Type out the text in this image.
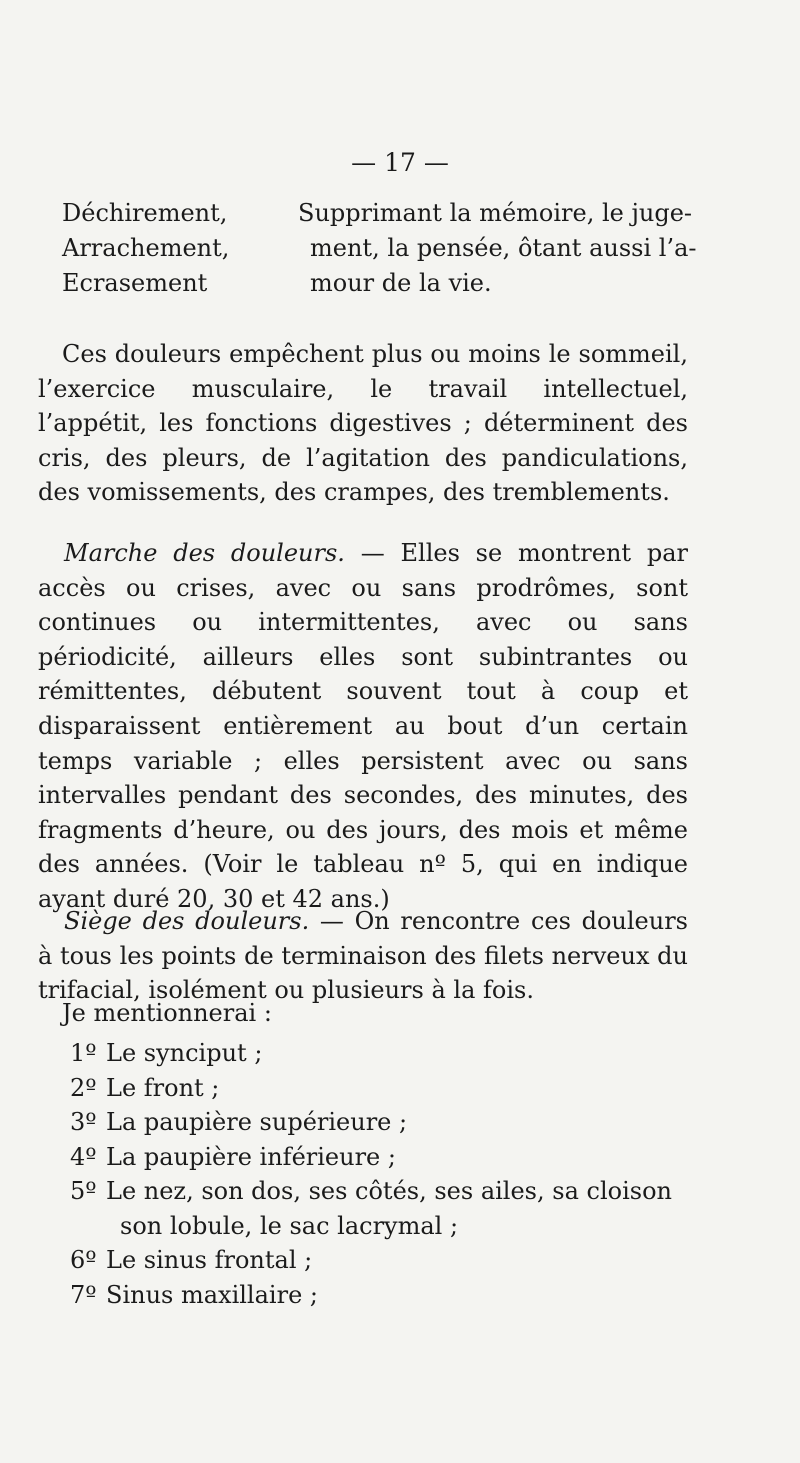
— 17 —
Déchirement,
Arrachement,
Ecrasement
Supprimant la mémoire, le juge-
ment, la pensée, ôtant aussi l’a-
mour de la vie.

Ces douleurs empêchent plus ou moins le sommeil, l’exercice musculaire, le travail intellectuel, l’appétit, les fonctions digestives ; déterminent des cris, des pleurs, de l’agitation des pandiculations, des vomissements, des crampes, des tremblements.

Marche des douleurs. — Elles se montrent par accès ou crises, avec ou sans prodrômes, sont continues ou intermittentes, avec ou sans périodicité, ailleurs elles sont subintrantes ou rémittentes, débutent souvent tout à coup et disparaissent entièrement au bout d’un certain temps variable ; elles persistent avec ou sans intervalles pendant des secondes, des minutes, des fragments d’heure, ou des jours, des mois et même des années. (Voir le tableau nº 5, qui en indique ayant duré 20, 30 et 42 ans.)

Siège des douleurs. — On rencontre ces douleurs à tous les points de terminaison des filets nerveux du trifacial, isolément ou plusieurs à la fois.

Je mentionnerai :
1º Le synciput ;
2º Le front ;
3º La paupière supérieure ;
4º La paupière inférieure ;
5º Le nez, son dos, ses côtés, ses ailes, sa cloison
son lobule, le sac lacrymal ;
6º Le sinus frontal ;
7º Sinus maxillaire ;
